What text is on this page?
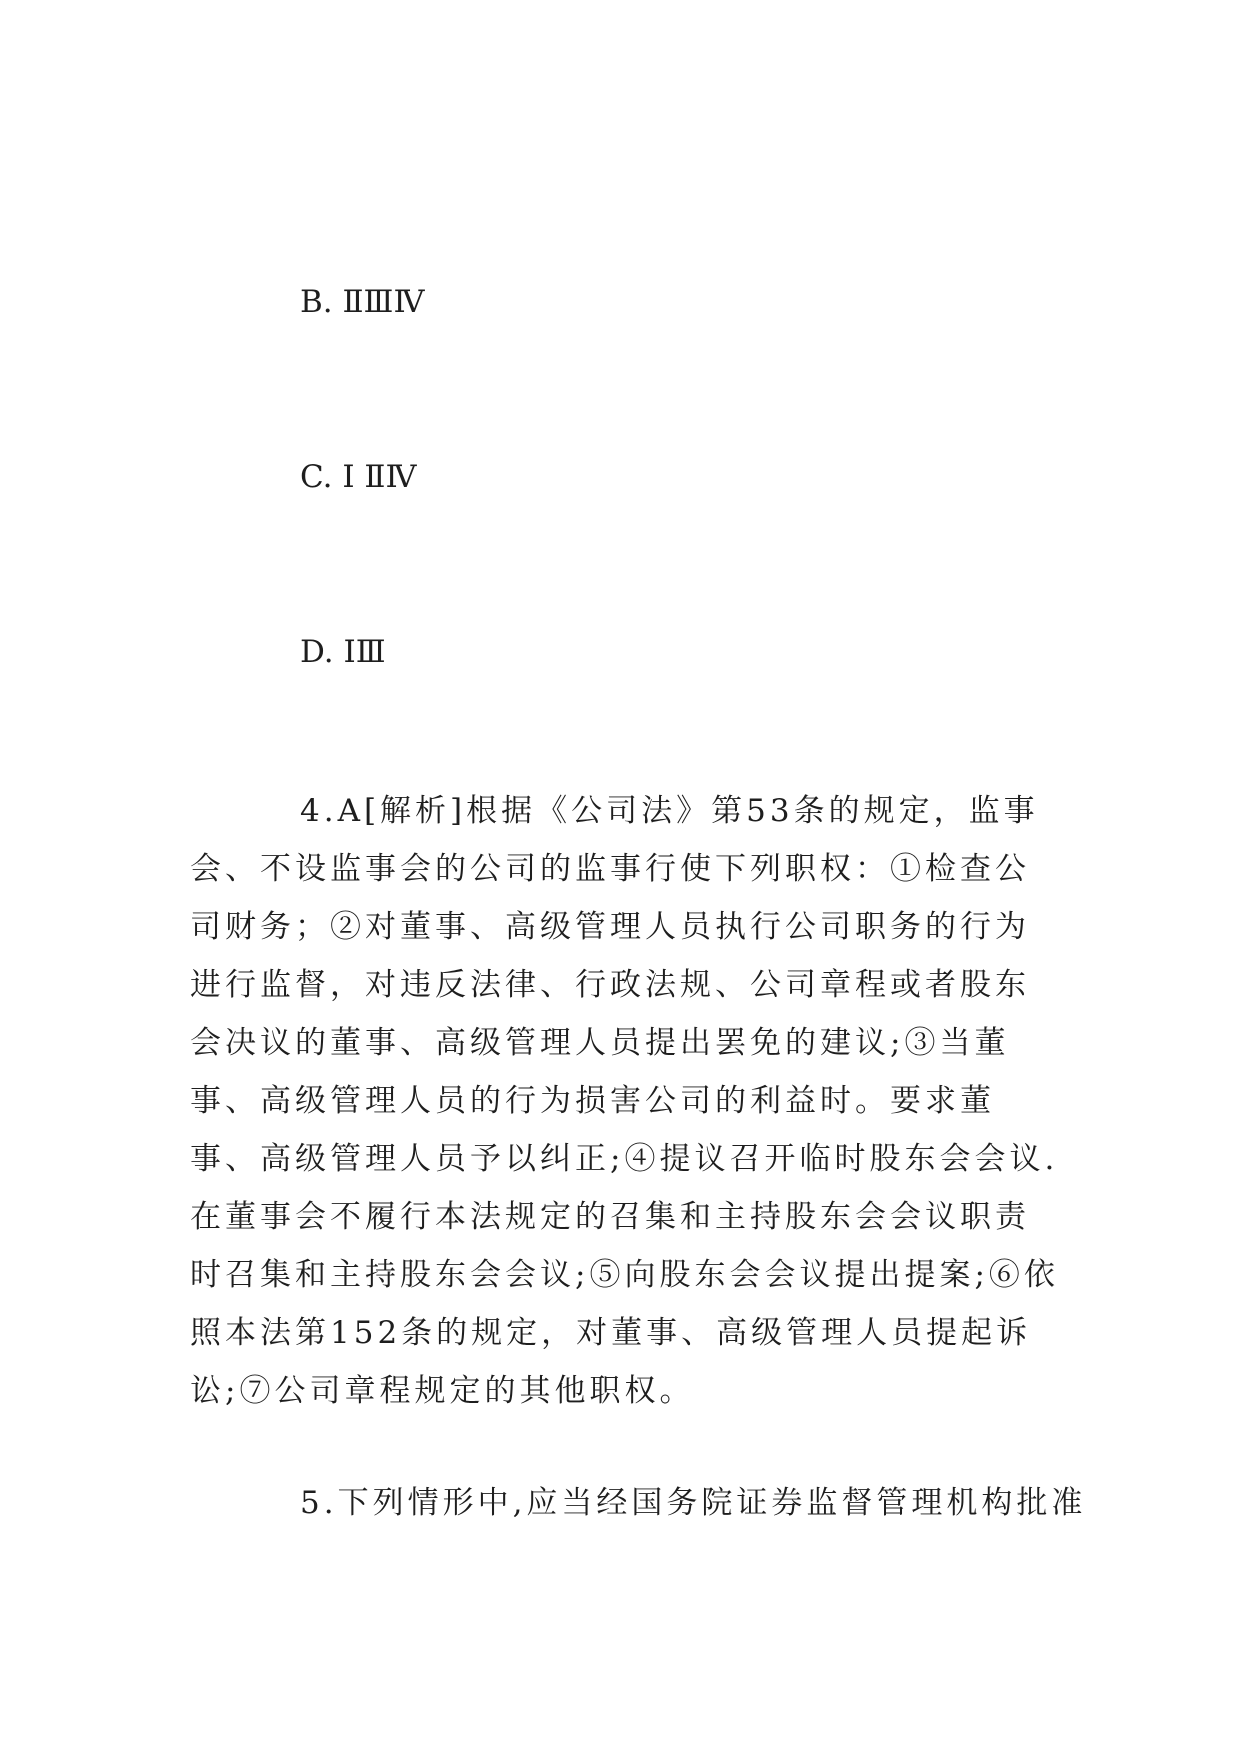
B. ⅡⅢⅣ

C. Ⅰ ⅡⅣ

D. ⅠⅢ

4.A[解析]根据《公司法》第53条的规定，监事会、不设监事会的公司的监事行使下列职权：①检查公司财务；②对董事、高级管理人员执行公司职务的行为进行监督，对违反法律、行政法规、公司章程或者股东会决议的董事、高级管理人员提出罢免的建议;③当董事、高级管理人员的行为损害公司的利益时。要求董事、高级管理人员予以纠正;④提议召开临时股东会会议.在董事会不履行本法规定的召集和主持股东会会议职责时召集和主持股东会会议;⑤向股东会会议提出提案;⑥依照本法第152条的规定，对董事、高级管理人员提起诉讼;⑦公司章程规定的其他职权。

5.下列情形中,应当经国务院证券监督管理机构批准
